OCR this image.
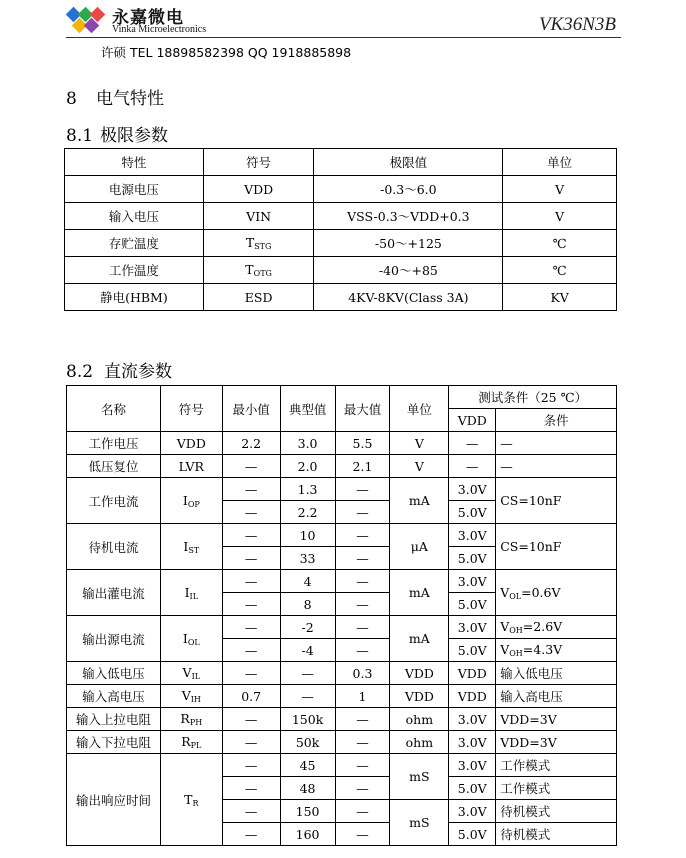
永嘉微电
Vinka Microelectronics	VK36N3B
许硕 TEL 18898582398 QQ 1918885898
8 电气特性
8.1 极限参数
特性	符号	极限值	单位
电源电压	VDD	-0.3～6.0	V
输入电压	VIN	VSS-0.3～VDD+0.3	V
存贮温度	$T_{STG}$	-50～+125	℃
工作温度	$T_{OTG}$	-40～+85	℃
静电(HBM)	ESD	4KV-8KV(Class 3A)	KV
8.2 直流参数
名称	符号	最小值	典型值	最大值	单位	测试条件（25 ℃）	
						VDD	条件
工作电压	VDD	2.2	3.0	5.5	V	—	—
低压复位	LVR	—	2.0	2.1	V	—	—
工作电流	$I_{OP}$	—	1.3	—	mA	3.0V	CS=10nF
		—	2.2	—		5.0V	
待机电流	$I_{ST}$	—	10	—	μA	3.0V	CS=10nF
		—	33	—		5.0V	
输出灌电流	$I_{IL}$	—	4	—	mA	3.0V	$V_{OL}=0.6V$
		—	8	—		5.0V	
输出源电流	$I_{OL}$	—	-2	—	mA	3.0V	$V_{OH}=2.6V$
		—	-4	—		5.0V	$V_{OH}=4.3V$
输入低电压	$V_{IL}$	—	—	0.3	VDD	VDD	输入低电压
输入高电压	$V_{IH}$	0.7	—	1	VDD	VDD	输入高电压
输入上拉电阻	$R_{PH}$	—	150k	—	ohm	3.0V	VDD=3V
输入下拉电阻	$R_{PL}$	—	50k	—	ohm	3.0V	VDD=3V
输出响应时间	$T_R$	—	45	—	mS	3.0V	工作模式
		—	48	—		5.0V	工作模式
		—	150	—	mS	3.0V	待机模式
		—	160	—		5.0V	待机模式
